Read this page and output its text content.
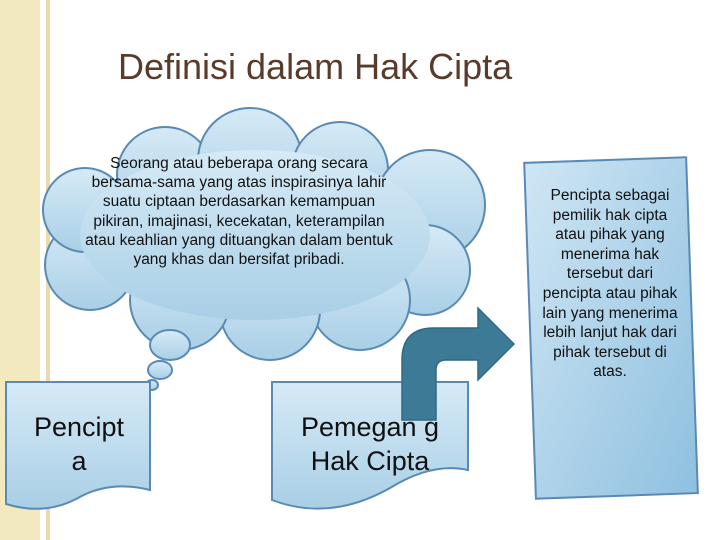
Definisi dalam Hak Cipta
Seorang atau beberapa orang secara bersama-sama yang atas inspirasinya lahir suatu ciptaan berdasarkan kemampuan pikiran, imajinasi, kecekatan, keterampilan atau keahlian yang dituangkan dalam bentuk yang khas dan bersifat pribadi.
Pencipt a
Pemegan g Hak Cipta
Pencipta sebagai pemilik hak cipta atau pihak yang menerima hak tersebut dari pencipta atau pihak lain yang menerima lebih lanjut hak dari pihak tersebut di atas.
